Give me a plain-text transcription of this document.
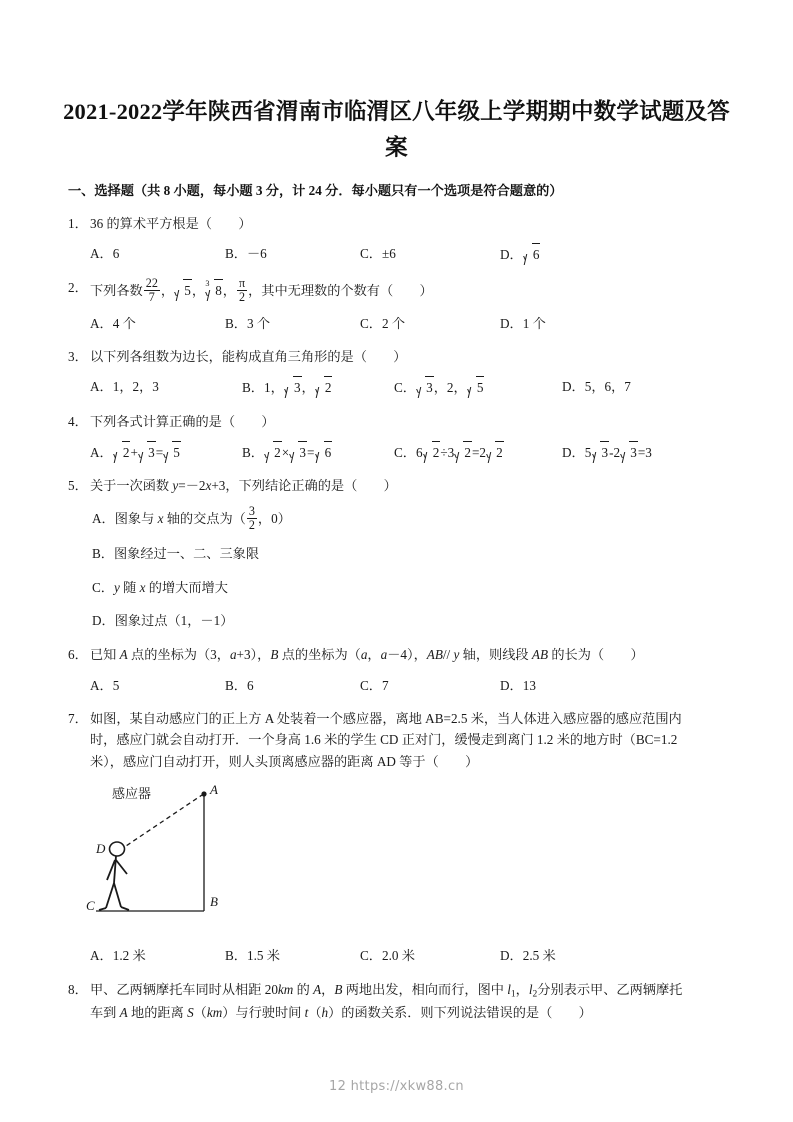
2021-2022学年陕西省渭南市临渭区八年级上学期期中数学试题及答案
一、选择题（共 8 小题，每小题 3 分，计 24 分．每小题只有一个选项是符合题意的）
1． 36 的算术平方根是（ 　　）
A．6	B．－6	C．±6	D． 6
2． 下列各数 $\frac{22}{7}$ ， 5， 3 8， $\frac{\pi}{2}$ ，其中无理数的个数有（ 　　）
A．4 个	B．3 个	C．2 个	D．1 个
3． 以下列各组数为边长，能构成直角三角形的是（ 　　）
A．1，2，3	B．1， 3， 2	C． 3，2， 5	D．5，6，7
4． 下列各式计算正确的是（ 　　）
A． 2+ 3= 5	B． 2× 3= 6	C．6 2÷3 2=2 2	D．5 3-2 3=3
5． 关于一次函数 y=－2x+3，下列结论正确的是（ 　　）
A．图象与 x 轴的交点为（ $\frac{3}{2}$ ，0）
B．图象经过一、二、三象限
C．y 随 x 的增大而增大
D．图象过点（1，－1）
6． 已知 A 点的坐标为（3，a+3），B 点的坐标为（a，a－4），AB// y 轴，则线段 AB 的长为（ 　　）
A．5	B．6	C．7	D．13
7． 如图，某自动感应门的正上方 A 处装着一个感应器，离地 AB=2.5 米，当人体进入感应器的感应范围内
时，感应门就会自动打开．一个身高 1.6 米的学生 CD 正对门，缓慢走到离门 1.2 米的地方时（BC=1.2
米），感应门自动打开，则人头顶离感应器的距离 AD 等于（ 　　）
感应器	A
B
C
D
A．1.2 米	B．1.5 米	C．2.0 米	D．2.5 米
8． 甲、乙两辆摩托车同时从相距 20km 的 A，B 两地出发，相向而行，图中 $l_1$，$l_2$分别表示甲、乙两辆摩托
车到 A 地的距离 S（km）与行驶时间 t（h）的函数关系．则下列说法错误的是（ 　　）
12 https://xkw88.cn
